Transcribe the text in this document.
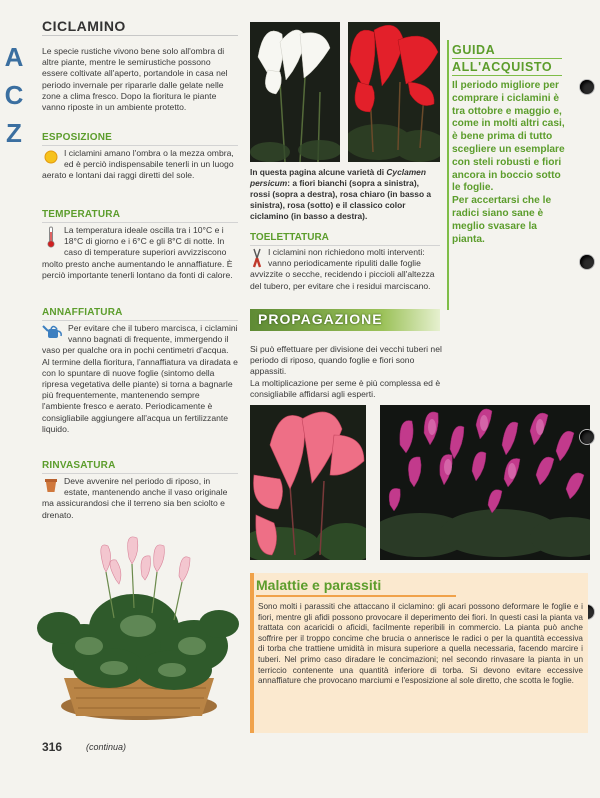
A
C
Z
CICLAMINO

Le specie rustiche vivono bene solo all'ombra di altre piante, mentre le semirustiche possono essere coltivate all'aperto, portandole in casa nel periodo invernale per ripararle dalle gelate nelle zone a clima fresco. Dopo la fioritura le piante vanno riposte in un ambiente protetto.

ESPOSIZIONE
I ciclamini amano l'ombra o la mezza ombra, ed è perciò indispensabile tenerli in un luogo aerato e lontani dai raggi diretti del sole.
TEMPERATURA
La temperatura ideale oscilla tra i 10°C e i 18°C di giorno e i 6°C e gli 8°C di notte. In caso di temperature superiori avvizziscono molto presto anche aumentando le annaffiature. È perciò importante tenerli lontano da fonti di calore.
ANNAFFIATURA
Per evitare che il tubero marcisca, i ciclamini vanno bagnati di frequente, immergendo il vaso per qualche ora in pochi centimetri d'acqua. Al termine della fioritura, l'annaffiatura va diradata e con lo spuntare di nuove foglie (sintomo della ripresa vegetativa delle piante) si torna a bagnarle più frequentemente, mantenendo sempre l'ambiente fresco e aerato. Periodicamente è consigliabile aggiungere all'acqua un fertilizzante liquido.
RINVASATURA
Deve avvenire nel periodo di riposo, in estate, mantenendo anche il vaso originale ma assicurandosi che il terreno sia ben sciolto e drenato.
In questa pagina alcune varietà di Cyclamen persicum: a fiori bianchi (sopra a sinistra), rossi (sopra a destra), rosa chiaro (in basso a sinistra), rosa (sotto) e il classico color ciclamino (in basso a destra).
TOELETTATURA
I ciclamini non richiedono molti interventi: vanno periodicamente ripuliti dalle foglie avvizzite o secche, recidendo i piccioli all'altezza del tubero, per evitare che i residui marciscano.
PROPAGAZIONE
Si può effettuare per divisione dei vecchi tuberi nel periodo di riposo, quando foglie e fiori sono appassiti.
La moltiplicazione per seme è più complessa ed è consigliabile affidarsi agli esperti.
GUIDA
ALL'ACQUISTO
Il periodo migliore per comprare i ciclamini è tra ottobre e maggio e, come in molti altri casi, è bene prima di tutto scegliere un esemplare con steli robusti e fiori ancora in boccio sotto le foglie.
Per accertarsi che le radici siano sane è meglio svasare la pianta.
Malattie e parassiti

Sono molti i parassiti che attaccano il ciclamino: gli acari possono deformare le foglie e i fiori, mentre gli afidi possono provocare il deperimento dei fiori. In questi casi la pianta va trattata con acaricidi o aficidi, facilmente reperibili in commercio. La pianta può anche soffrire per il troppo concime che brucia o annerisce le radici o per la quantità eccessiva di torba che trattiene umidità in misura superiore a quella necessaria, facendo marcire i tuberi. Nel primo caso diradare le concimazioni; nel secondo rinvasare la pianta in un terriccio contenente una quantità inferiore di torba. Si devono evitare eccessive annaffiature che provocano marciumi e l'esposizione al sole diretto, che scotta le foglie.

316	(continua)
